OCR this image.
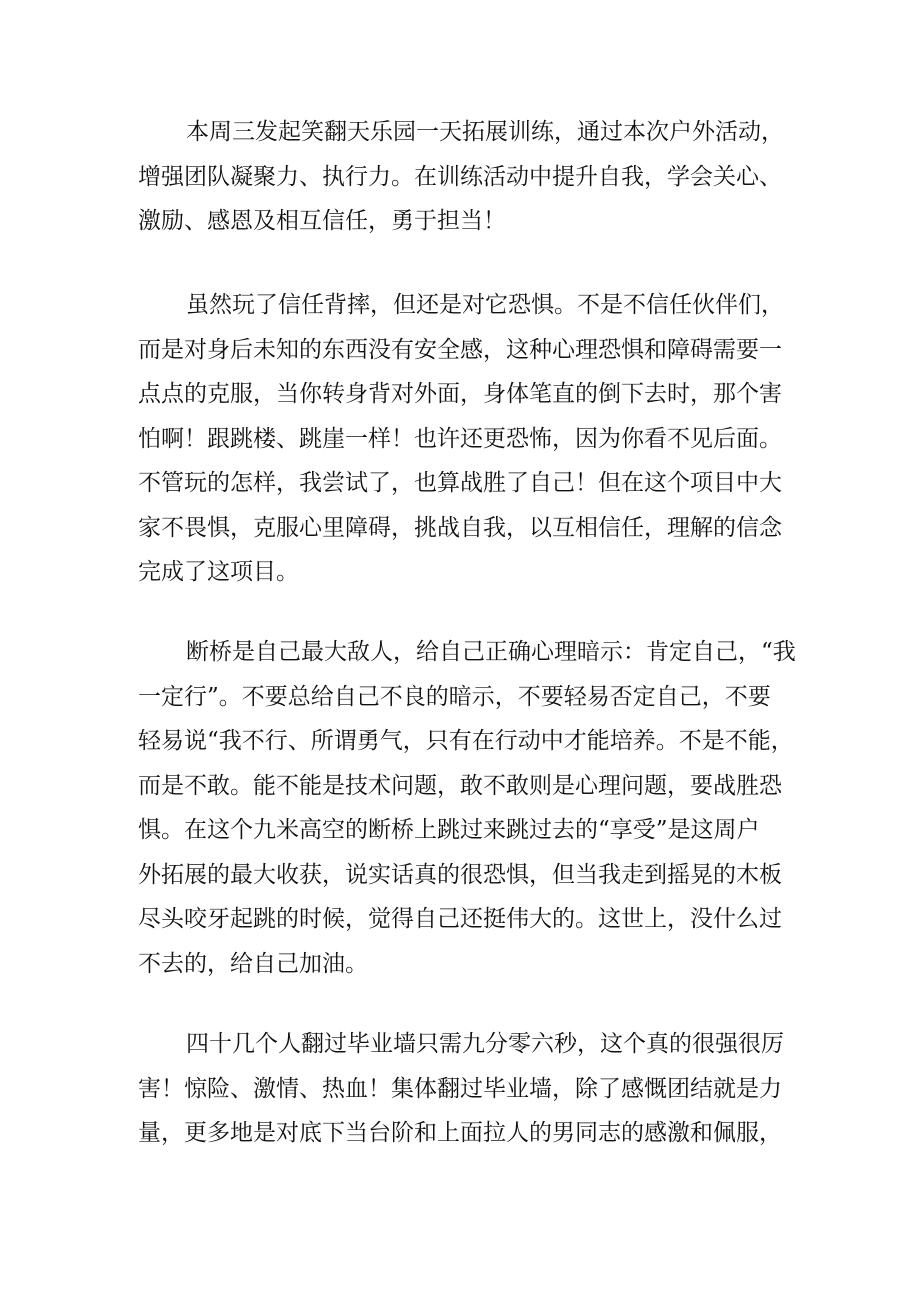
本周三发起笑翻天乐园一天拓展训练，通过本次户外活动，
增强团队凝聚力、执行力。在训练活动中提升自我，学会关心、
激励、感恩及相互信任，勇于担当！
虽然玩了信任背摔，但还是对它恐惧。不是不信任伙伴们，
而是对身后未知的东西没有安全感，这种心理恐惧和障碍需要一
点点的克服，当你转身背对外面，身体笔直的倒下去时，那个害
怕啊！跟跳楼、跳崖一样！也许还更恐怖，因为你看不见后面。
不管玩的怎样，我尝试了，也算战胜了自己！但在这个项目中大
家不畏惧，克服心里障碍，挑战自我，以互相信任，理解的信念
完成了这项目。
断桥是自己最大敌人，给自己正确心理暗示：肯定自己，“我
一定行”。不要总给自己不良的暗示，不要轻易否定自己，不要
轻易说“我不行、所谓勇气，只有在行动中才能培养。不是不能，
而是不敢。能不能是技术问题，敢不敢则是心理问题，要战胜恐
惧。在这个九米高空的断桥上跳过来跳过去的“享受”是这周户
外拓展的最大收获，说实话真的很恐惧，但当我走到摇晃的木板
尽头咬牙起跳的时候，觉得自己还挺伟大的。这世上，没什么过
不去的，给自己加油。
四十几个人翻过毕业墙只需九分零六秒，这个真的很强很厉
害！惊险、激情、热血！集体翻过毕业墙，除了感慨团结就是力
量，更多地是对底下当台阶和上面拉人的男同志的感激和佩服，
